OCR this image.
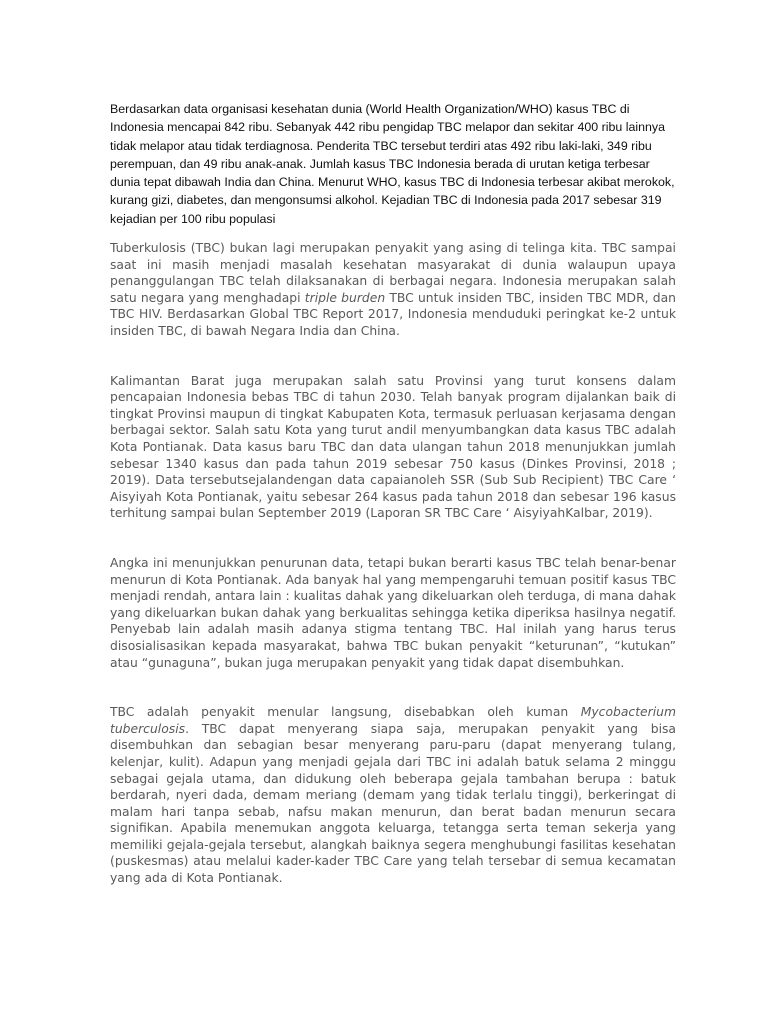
Berdasarkan data organisasi kesehatan dunia (World Health Organization/WHO) kasus TBC di Indonesia mencapai 842 ribu. Sebanyak 442 ribu pengidap TBC melapor dan sekitar 400 ribu lainnya tidak melapor atau tidak terdiagnosa. Penderita TBC tersebut terdiri atas 492 ribu laki-laki, 349 ribu perempuan, dan 49 ribu anak-anak. Jumlah kasus TBC Indonesia berada di urutan ketiga terbesar dunia tepat dibawah India dan China. Menurut WHO, kasus TBC di Indonesia terbesar akibat merokok, kurang gizi, diabetes, dan mengonsumsi alkohol. Kejadian TBC di Indonesia pada 2017 sebesar 319 kejadian per 100 ribu populasi

Tuberkulosis (TBC) bukan lagi merupakan penyakit yang asing di telinga kita. TBC sampai saat ini masih menjadi masalah kesehatan masyarakat di dunia walaupun upaya penanggulangan TBC telah dilaksanakan di berbagai negara. Indonesia merupakan salah satu negara yang menghadapi triple burden TBC untuk insiden TBC, insiden TBC MDR, dan TBC HIV. Berdasarkan Global TBC Report 2017, Indonesia menduduki peringkat ke-2 untuk insiden TBC, di bawah Negara India dan China.

Kalimantan Barat juga merupakan salah satu Provinsi yang turut konsens dalam pencapaian Indonesia bebas TBC di tahun 2030. Telah banyak program dijalankan baik di tingkat Provinsi maupun di tingkat Kabupaten Kota, termasuk perluasan kerjasama dengan berbagai sektor. Salah satu Kota yang turut andil menyumbangkan data kasus TBC adalah Kota Pontianak. Data kasus baru TBC dan data ulangan tahun 2018 menunjukkan jumlah sebesar 1340 kasus dan pada tahun 2019 sebesar 750 kasus (Dinkes Provinsi, 2018 ; 2019). Data tersebutsejalandengan data capaianoleh SSR (Sub Sub Recipient) TBC Care ‘ Aisyiyah Kota Pontianak, yaitu sebesar 264 kasus pada tahun 2018 dan sebesar 196 kasus terhitung sampai bulan September 2019 (Laporan SR TBC Care ‘ AisyiyahKalbar, 2019).

Angka ini menunjukkan penurunan data, tetapi bukan berarti kasus TBC telah benar-benar menurun di Kota Pontianak. Ada banyak hal yang mempengaruhi temuan positif kasus TBC menjadi rendah, antara lain : kualitas dahak yang dikeluarkan oleh terduga, di mana dahak yang dikeluarkan bukan dahak yang berkualitas sehingga ketika diperiksa hasilnya negatif. Penyebab lain adalah masih adanya stigma tentang TBC. Hal inilah yang harus terus disosialisasikan kepada masyarakat, bahwa TBC bukan penyakit “keturunan”, “kutukan” atau “gunaguna”, bukan juga merupakan penyakit yang tidak dapat disembuhkan.

TBC adalah penyakit menular langsung, disebabkan oleh kuman Mycobacterium tuberculosis. TBC dapat menyerang siapa saja, merupakan penyakit yang bisa disembuhkan dan sebagian besar menyerang paru-paru (dapat menyerang tulang, kelenjar, kulit). Adapun yang menjadi gejala dari TBC ini adalah batuk selama 2 minggu sebagai gejala utama, dan didukung oleh beberapa gejala tambahan berupa : batuk berdarah, nyeri dada, demam meriang (demam yang tidak terlalu tinggi), berkeringat di malam hari tanpa sebab, nafsu makan menurun, dan berat badan menurun secara signifikan. Apabila menemukan anggota keluarga, tetangga serta teman sekerja yang memiliki gejala-gejala tersebut, alangkah baiknya segera menghubungi fasilitas kesehatan (puskesmas) atau melalui kader-kader TBC Care yang telah tersebar di semua kecamatan yang ada di Kota Pontianak.
